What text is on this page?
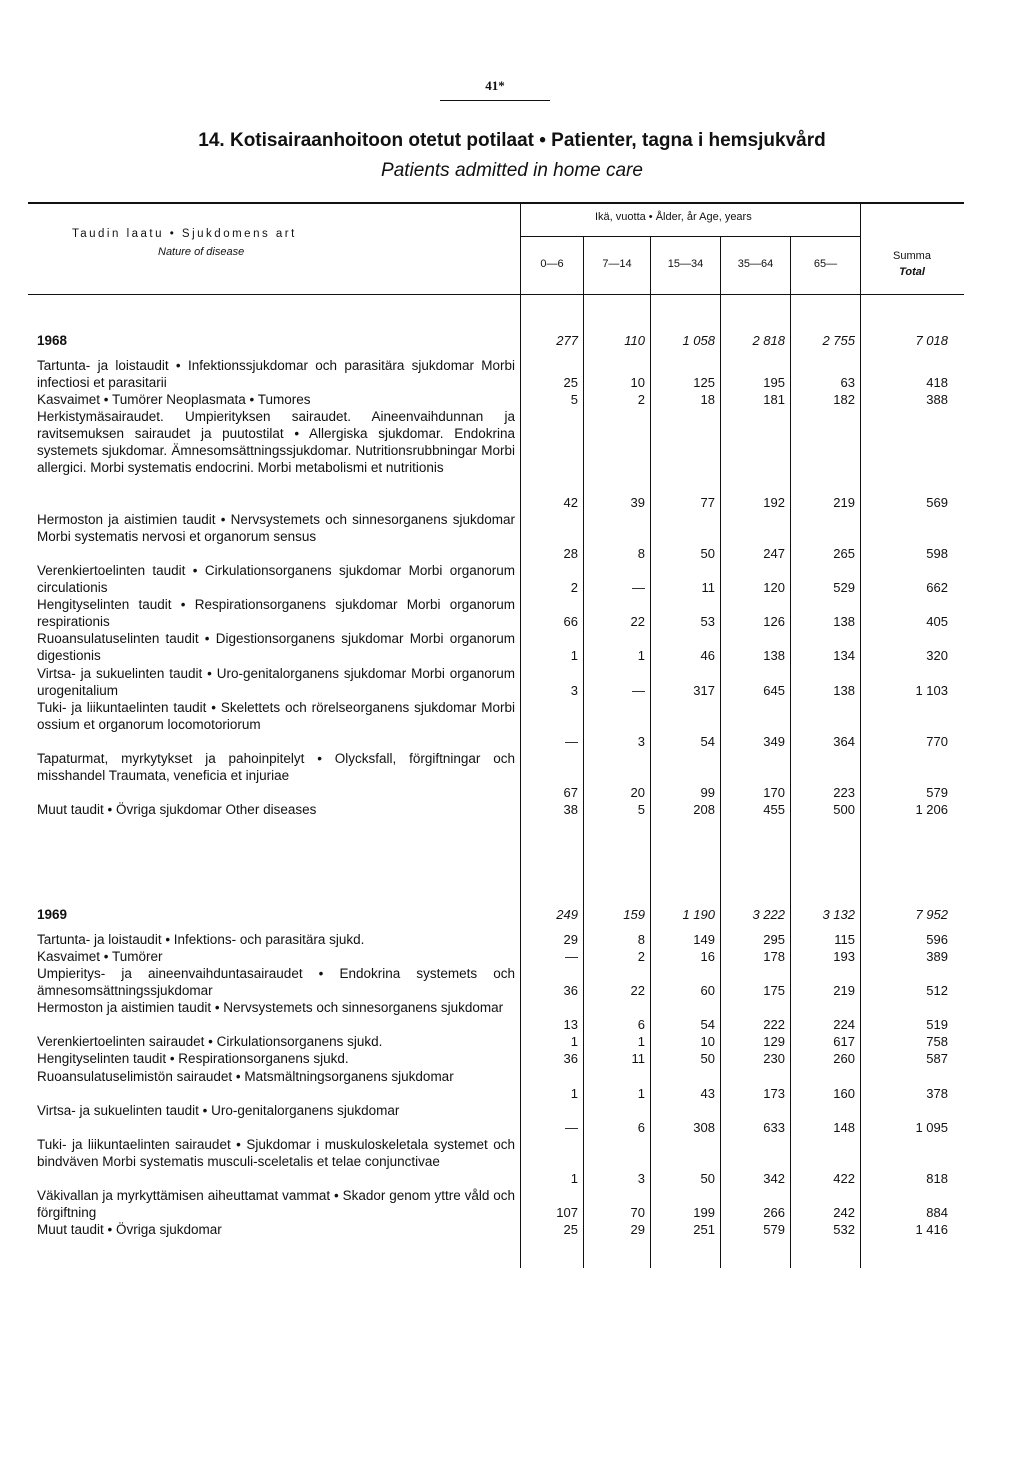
41*
14. Kotisairaanhoitoon otetut potilaat • Patienter, tagna i hemsjukvård
Patients admitted in home care
Taudin laatu • Sjukdomens art
Nature of disease
Ikä, vuotta • Ålder, år Age, years
0—6	7—14	15—34	35—64	65—
Summa
Total
1968	277	110	1 058	2 818	2 755	7 018
Tartunta- ja loistaudit • Infektionssjukdomar och parasitära sjukdomar Morbi infectiosi et parasitarii	25	10	125	195	63	418
Kasvaimet • Tumörer Neoplasmata • Tumores	5	2	18	181	182	388
Herkistymäsairaudet. Umpierityksen sairaudet. Aineenvaihdunnan ja ravitsemuksen sairaudet ja puutostilat • Allergiska sjukdomar. Endokrina systemets sjukdomar. Ämnesomsättningssjukdomar. Nutritionsrubbningar Morbi allergici. Morbi systematis endocrini. Morbi metabolismi et nutritionis
42	39	77	192	219	569
Hermoston ja aistimien taudit • Nervsystemets och sinnesorganens sjukdomar Morbi systematis nervosi et organorum sensus
28	8	50	247	265	598
Verenkiertoelinten taudit • Cirkulationsorganens sjukdomar Morbi organorum circulationis	2	—	11	120	529	662
Hengityselinten taudit • Respirationsorganens sjukdomar Morbi organorum respirationis	66	22	53	126	138	405
Ruoansulatuselinten taudit • Digestionsorganens sjukdomar Morbi organorum digestionis	1	1	46	138	134	320
Virtsa- ja sukuelinten taudit • Uro-genitalorganens sjukdomar Morbi organorum urogenitalium	3	—	317	645	138	1 103
Tuki- ja liikuntaelinten taudit • Skelettets och rörelseorganens sjukdomar Morbi ossium et organorum locomotoriorum
—	3	54	349	364	770
Tapaturmat, myrkytykset ja pahoinpitelyt • Olycksfall, förgiftningar och misshandel Traumata, veneficia et injuriae
67	20	99	170	223	579
Muut taudit • Övriga sjukdomar Other diseases	38	5	208	455	500	1 206
1969	249	159	1 190	3 222	3 132	7 952
Tartunta- ja loistaudit • Infektions- och parasitära sjukd.	29	8	149	295	115	596
Kasvaimet • Tumörer	—	2	16	178	193	389
Umpieritys- ja aineenvaihduntasairaudet • Endokrina systemets och ämnesomsättningssjukdomar	36	22	60	175	219	512
Hermoston ja aistimien taudit • Nervsystemets och sinnesorganens sjukdomar
13	6	54	222	224	519
Verenkiertoelinten sairaudet • Cirkulationsorganens sjukd.	1	1	10	129	617	758
Hengityselinten taudit • Respirationsorganens sjukd.	36	11	50	230	260	587
Ruoansulatuselimistön sairaudet • Matsmältningsorganens sjukdomar
1	1	43	173	160	378
Virtsa- ja sukuelinten taudit • Uro-genitalorganens sjukdomar
—	6	308	633	148	1 095
Tuki- ja liikuntaelinten sairaudet • Sjukdomar i muskuloskeletala systemet och bindväven Morbi systematis musculi-sceletalis et telae conjunctivae
1	3	50	342	422	818
Väkivallan ja myrkyttämisen aiheuttamat vammat • Skador genom yttre våld och förgiftning	107	70	199	266	242	884
Muut taudit • Övriga sjukdomar	25	29	251	579	532	1 416
